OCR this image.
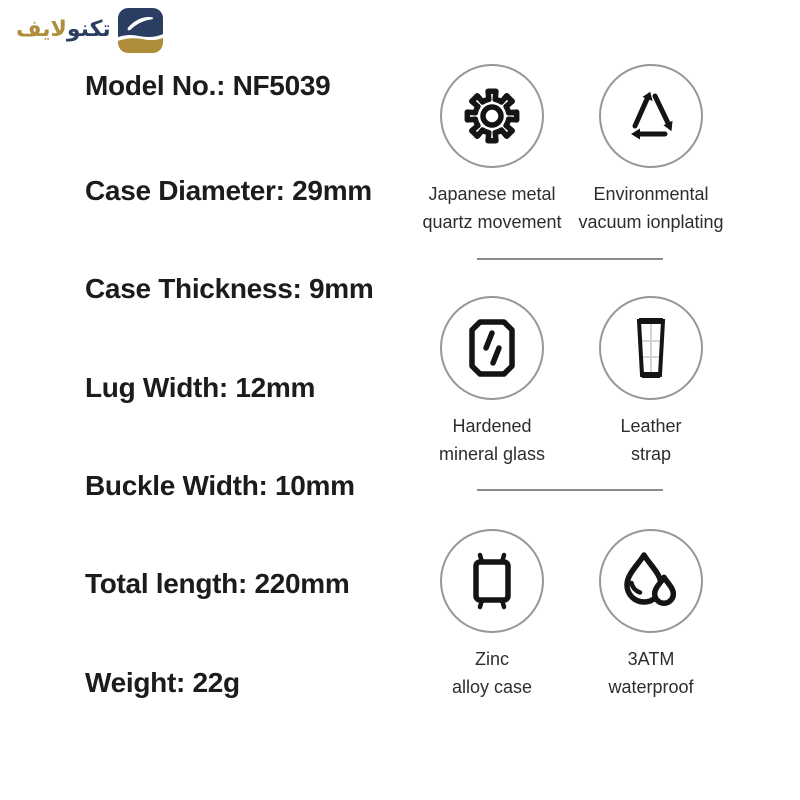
تکنولایف
Model No.: NF5039
Case Diameter: 29mm
Case Thickness: 9mm
Lug Width: 12mm
Buckle Width: 10mm
Total length: 220mm
Weight: 22g
Japanese metal
quartz movement
Environmental
vacuum ionplating
Hardened
mineral glass
Leather
strap
Zinc
alloy case
3ATM
waterproof
